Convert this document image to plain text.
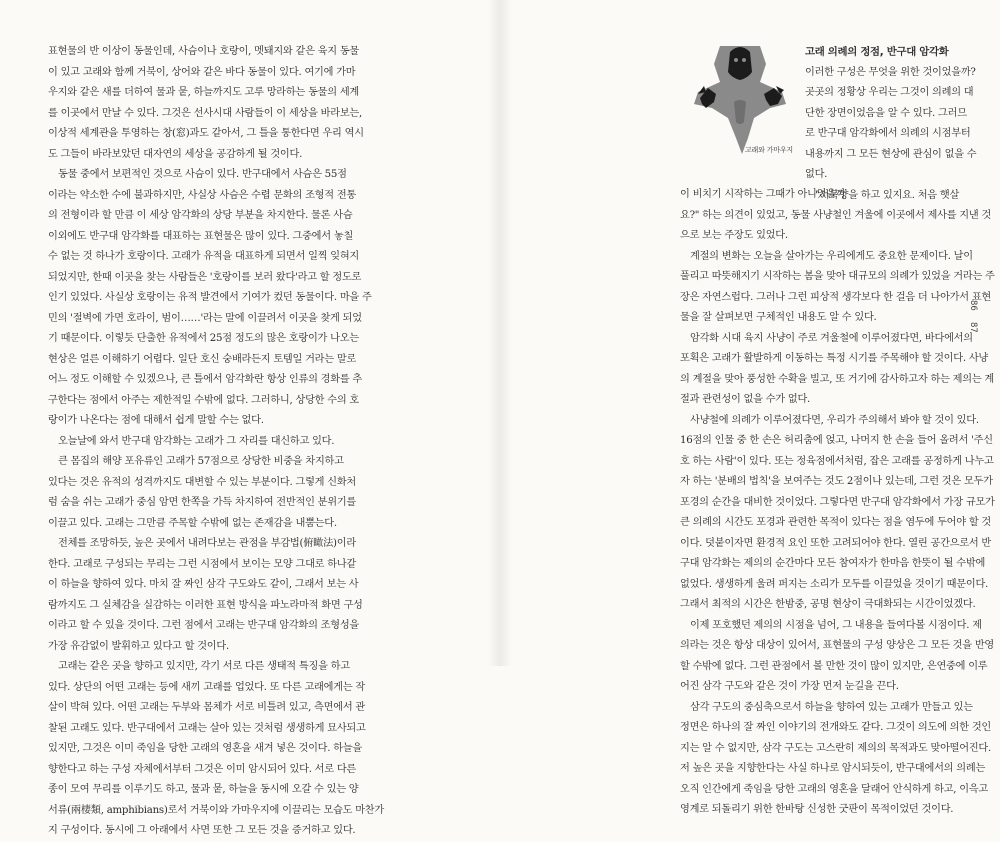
표현물의 반 이상이 동물인데, 사슴이나 호랑이, 멧돼지와 같은 육지 동물

이 있고 고래와 함께 거북이, 상어와 같은 바다 동물이 있다. 여기에 가마

우지와 같은 새를 더하여 물과 뭍, 하늘까지도 고루 망라하는 동물의 세계

를 이곳에서 만날 수 있다. 그것은 선사시대 사람들이 이 세상을 바라보는,

이상적 세계관을 투영하는 창(窓)과도 같아서, 그 틀을 통한다면 우리 역시

도 그들이 바라보았던 대자연의 세상을 공감하게 될 것이다.

동물 중에서 보편적인 것으로 사슴이 있다. 반구대에서 사슴은 55점

이라는 약소한 수에 불과하지만, 사실상 사슴은 수렵 문화의 조형적 전통

의 전형이라 할 만큼 이 세상 암각화의 상당 부분을 차지한다. 물론 사슴

이외에도 반구대 암각화를 대표하는 표현물은 많이 있다. 그중에서 놓칠

수 없는 것 하나가 호랑이다. 고래가 유적을 대표하게 되면서 일찍 잊혀지

되었지만, 한때 이곳을 찾는 사람들은 '호랑이를 보러 왔다'라고 할 정도로

인기 있었다. 사실상 호랑이는 유적 발견에서 기여가 컸던 동물이다. 마을 주

민의 '절벽에 가면 호라이, 범이……'라는 말에 이끌려서 이곳을 찾게 되었

기 때문이다. 이렇듯 단출한 유적에서 25점 정도의 많은 호랑이가 나오는

현상은 얼른 이해하기 어렵다. 일단 호신 숭배라든지 토템일 거라는 말로

어느 정도 이해할 수 있겠으나, 큰 틀에서 암각화란 항상 인류의 경화를 추

구한다는 점에서 아주는 제한적일 수밖에 없다. 그러하니, 상당한 수의 호

랑이가 나온다는 점에 대해서 쉽게 말할 수는 없다.

오늘날에 와서 반구대 암각화는 고래가 그 자리를 대신하고 있다.

큰 몸집의 해양 포유류인 고래가 57점으로 상당한 비중을 차지하고

있다는 것은 유적의 성격까지도 대변할 수 있는 부분이다. 그렇게 신화처

럼 숨을 쉬는 고래가 중심 암면 한쪽을 가득 차지하여 전반적인 분위기를

이끌고 있다. 고래는 그만큼 주목할 수밖에 없는 존재감을 내뿜는다.

전체를 조망하듯, 높은 곳에서 내려다보는 관점을 부감법(俯瞰法)이라

한다. 고래로 구성되는 무리는 그런 시점에서 보이는 모양 그대로 하나같

이 하늘을 향하여 있다. 마치 잘 짜인 삼각 구도와도 같이, 그래서 보는 사

람까지도 그 실체감을 실감하는 이러한 표현 방식을 파노라마적 화면 구성

이라고 할 수 있을 것이다. 그런 점에서 고래는 반구대 암각화의 조형성을

가장 유감없이 발휘하고 있다고 할 것이다.

고래는 같은 곳을 향하고 있지만, 각기 서로 다른 생태적 특징을 하고

있다. 상단의 어떤 고래는 등에 새끼 고래를 업었다. 또 다른 고래에게는 작

살이 박혀 있다. 어떤 고래는 두부와 몸체가 서로 비틀려 있고, 측면에서 관

찰된 고래도 있다. 반구대에서 고래는 살아 있는 것처럼 생생하게 묘사되고

있지만, 그것은 이미 죽임을 당한 고래의 영혼을 새겨 넣은 것이다. 하늘을

향한다고 하는 구성 자체에서부터 그것은 이미 암시되어 있다. 서로 다른

종이 모여 무리를 이루기도 하고, 물과 뭍, 하늘을 동시에 오갈 수 있는 양

서류(兩棲類, amphibians)로서 거북이와 가마우지에 이끌리는 모습도 마찬가

지 구성이다. 동시에 그 아래에서 사면 또한 그 모든 것을 증거하고 있다.

고래와 가마우지
고래 의례의 정점, 반구대 암각화

이러한 구성은 무엇을 위한 것이었을까?

곳곳의 정황상 우리는 그것이 의례의 대

단한 장면이었음을 알 수 있다. 그러므

로 반구대 암각화에서 의례의 시점부터

내용까지 그 모든 현상에 관심이 없을 수

없다.

"서북향을 하고 있지요. 처음 햇살

이 비치기 시작하는 그때가 아니었을까

요?" 하는 의견이 있었고, 동물 사냥철인 겨울에 이곳에서 제사를 지낸 것

으로 보는 주장도 있었다.

계절의 변화는 오늘을 살아가는 우리에게도 중요한 문제이다. 날이

풀리고 따뜻해지기 시작하는 봄을 맞아 대규모의 의례가 있었을 거라는 주

장은 자연스럽다. 그러나 그런 피상적 생각보다 한 걸음 더 나아가서 표현

물을 잘 살펴보면 구체적인 내용도 알 수 있다.

암각화 시대 육지 사냥이 주로 겨울철에 이루어졌다면, 바다에서의

포획은 고래가 활발하게 이동하는 특정 시기를 주목해야 할 것이다. 사냥

의 계절을 맞아 풍성한 수확을 빌고, 또 거기에 감사하고자 하는 제의는 계

절과 관련성이 없을 수가 없다.

사냥철에 의례가 이루어졌다면, 우리가 주의해서 봐야 할 것이 있다.

16점의 인물 중 한 손은 허리춤에 얹고, 나머지 한 손을 들어 올려서 '주신

호 하는 사람'이 있다. 또는 정육점에서처럼, 잡은 고래를 공정하게 나누고

자 하는 '분배의 법칙'을 보여주는 것도 2점이나 있는데, 그런 것은 모두가

포경의 순간을 대비한 것이었다. 그렇다면 반구대 암각화에서 가장 규모가

큰 의례의 시간도 포경과 관련한 목적이 있다는 점을 염두에 두어야 할 것

이다. 덧붙이자면 환경적 요인 또한 고려되어야 한다. 열린 공간으로서 반

구대 암각화는 제의의 순간마다 모든 참여자가 한마음 한뜻이 될 수밖에

없었다. 생생하게 울려 퍼지는 소리가 모두를 이끌었을 것이기 때문이다.

그래서 최적의 시간은 한밤중, 공명 현상이 극대화되는 시간이었겠다.

이제 포호했던 제의의 시점을 넘어, 그 내용을 들여다볼 시점이다. 제

의라는 것은 항상 대상이 있어서, 표현물의 구성 양상은 그 모든 것을 반영

할 수밖에 없다. 그런 관점에서 볼 만한 것이 많이 있지만, 은연중에 이루

어진 삼각 구도와 같은 것이 가장 먼저 눈길을 끈다.

삼각 구도의 중심축으로서 하늘을 향하여 있는 고래가 만들고 있는

정면은 하나의 잘 짜인 이야기의 전개와도 같다. 그것이 의도에 의한 것인

지는 알 수 없지만, 삼각 구도는 고스란히 제의의 목적과도 맞아떨어진다.

저 높은 곳을 지향한다는 사실 하나로 암시되듯이, 반구대에서의 의례는

오직 인간에게 죽임을 당한 고래의 영혼을 달래어 안식하게 하고, 이윽고

영계로 되돌리기 위한 한바탕 신성한 굿판이 목적이었던 것이다.

86
87
